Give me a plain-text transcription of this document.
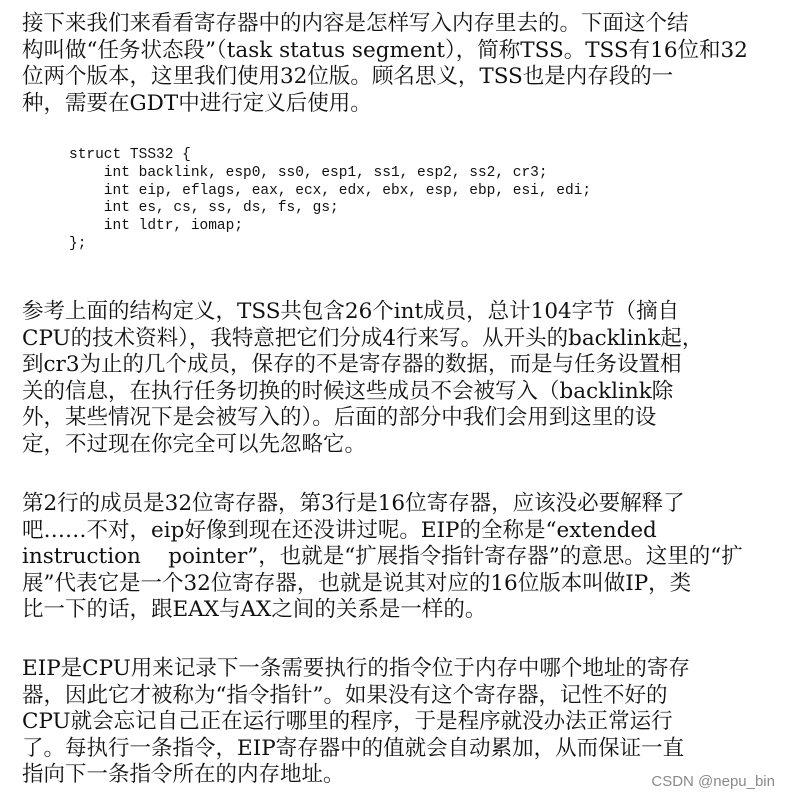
接下来我们来看看寄存器中的内容是怎样写入内存里去的。下面这个结
构叫做“任务状态段”（task status segment），简称TSS。TSS有16位和32
位两个版本，这里我们使用32位版。顾名思义，TSS也是内存段的一
种，需要在GDT中进行定义后使用。

struct TSS32 {
int backlink, esp0, ss0, esp1, ss1, esp2, ss2, cr3;
int eip, eflags, eax, ecx, edx, ebx, esp, ebp, esi, edi;
int es, cs, ss, ds, fs, gs;
int ldtr, iomap;
};

参考上面的结构定义，TSS共包含26个int成员，总计104字节（摘自
CPU的技术资料），我特意把它们分成4行来写。从开头的backlink起，
到cr3为止的几个成员，保存的不是寄存器的数据，而是与任务设置相
关的信息，在执行任务切换的时候这些成员不会被写入（backlink除
外，某些情况下是会被写入的）。后面的部分中我们会用到这里的设
定，不过现在你完全可以先忽略它。

第2行的成员是32位寄存器，第3行是16位寄存器，应该没必要解释了
吧……不对，eip好像到现在还没讲过呢。EIP的全称是“extended
instruction    pointer”，也就是“扩展指令指针寄存器”的意思。这里的“扩
展”代表它是一个32位寄存器，也就是说其对应的16位版本叫做IP，类
比一下的话，跟EAX与AX之间的关系是一样的。

EIP是CPU用来记录下一条需要执行的指令位于内存中哪个地址的寄存
器，因此它才被称为“指令指针”。如果没有这个寄存器，记性不好的
CPU就会忘记自己正在运行哪里的程序，于是程序就没办法正常运行
了。每执行一条指令，EIP寄存器中的值就会自动累加，从而保证一直
指向下一条指令所在的内存地址。	CSDN @nepu_bin
